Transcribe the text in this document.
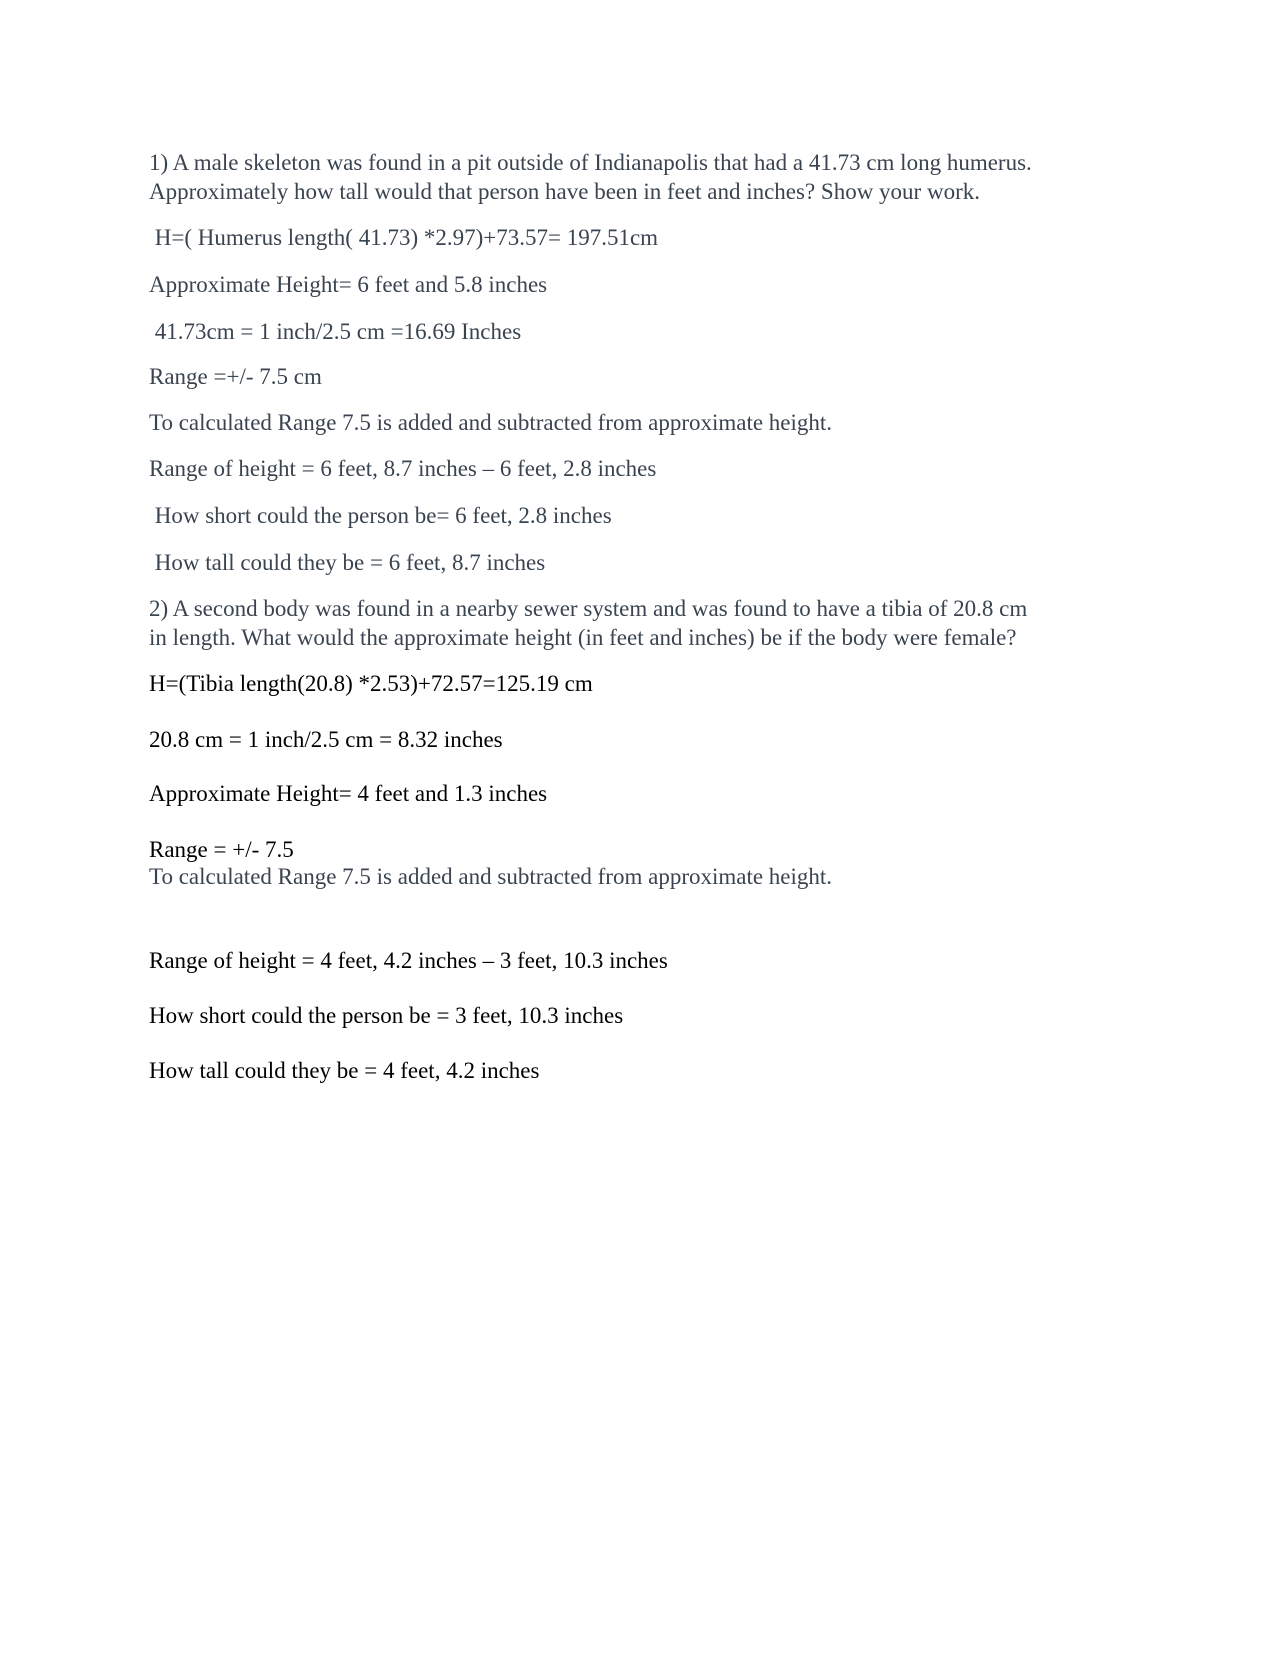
1) A male skeleton was found in a pit outside of Indianapolis that had a 41.73 cm long humerus.

Approximately how tall would that person have been in feet and inches? Show your work.

H=( Humerus length( 41.73) *2.97)+73.57= 197.51cm

Approximate Height= 6 feet and 5.8 inches

41.73cm = 1 inch/2.5 cm =16.69 Inches

Range =+/- 7.5 cm

To calculated Range 7.5 is added and subtracted from approximate height.

Range of height = 6 feet, 8.7 inches – 6 feet, 2.8 inches

How short could the person be= 6 feet, 2.8 inches

How tall could they be = 6 feet, 8.7 inches

2) A second body was found in a nearby sewer system and was found to have a tibia of 20.8 cm

in length. What would the approximate height (in feet and inches) be if the body were female?

H=(Tibia length(20.8) *2.53)+72.57=125.19 cm

20.8 cm = 1 inch/2.5 cm = 8.32 inches

Approximate Height= 4 feet and 1.3 inches

Range = +/- 7.5

To calculated Range 7.5 is added and subtracted from approximate height.

Range of height = 4 feet, 4.2 inches – 3 feet, 10.3 inches

How short could the person be = 3 feet, 10.3 inches

How tall could they be = 4 feet, 4.2 inches
